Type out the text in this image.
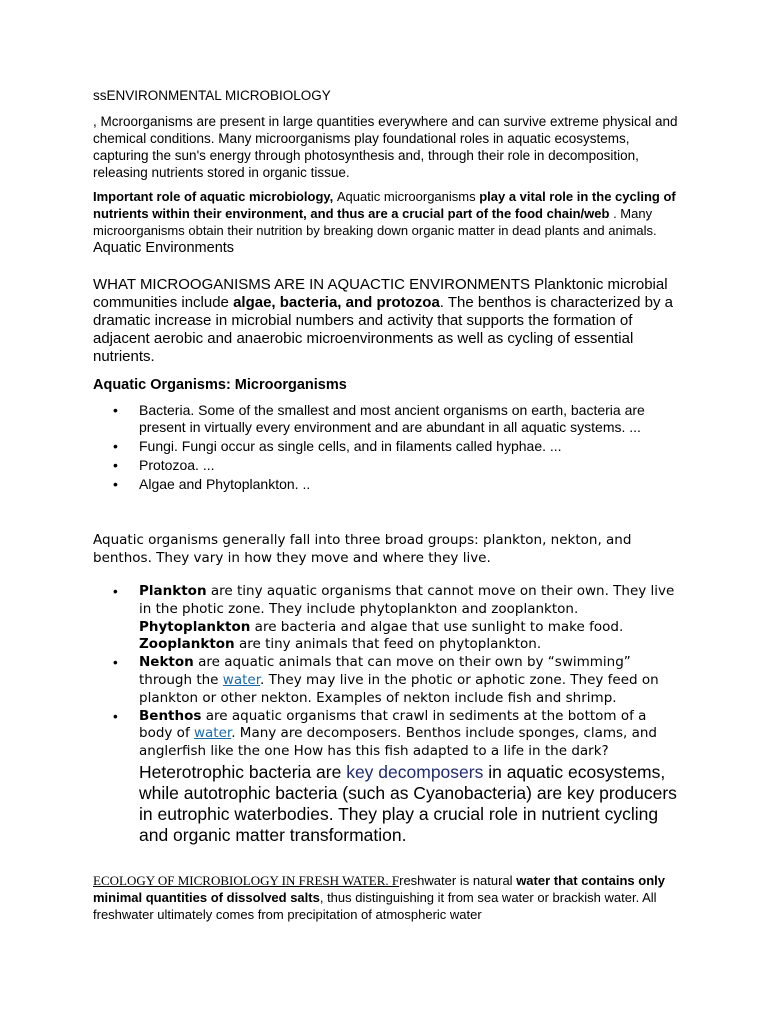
ssENVIRONMENTAL MICROBIOLOGY
, Mcroorganisms are present in large quantities everywhere and can survive extreme physical and chemical conditions. Many microorganisms play foundational roles in aquatic ecosystems, capturing the sun's energy through photosynthesis and, through their role in decomposition, releasing nutrients stored in organic tissue.
Important role of aquatic microbiology, Aquatic microorganisms play a vital role in the cycling of nutrients within their environment, and thus are a crucial part of the food chain/web . Many microorganisms obtain their nutrition by breaking down organic matter in dead plants and animals. Aquatic Environments
WHAT MICROOGANISMS ARE IN AQUACTIC ENVIRONMENTS Planktonic microbial communities include algae, bacteria, and protozoa. The benthos is characterized by a dramatic increase in microbial numbers and activity that supports the formation of adjacent aerobic and anaerobic microenvironments as well as cycling of essential nutrients.
Aquatic Organisms: Microorganisms
• Bacteria. Some of the smallest and most ancient organisms on earth, bacteria are present in virtually every environment and are abundant in all aquatic systems. ...
• Fungi. Fungi occur as single cells, and in filaments called hyphae. ...
• Protozoa. ...
• Algae and Phytoplankton. ..
Aquatic organisms generally fall into three broad groups: plankton, nekton, and benthos. They vary in how they move and where they live.
• Plankton are tiny aquatic organisms that cannot move on their own. They live in the photic zone. They include phytoplankton and zooplankton. Phytoplankton are bacteria and algae that use sunlight to make food. Zooplankton are tiny animals that feed on phytoplankton.
• Nekton are aquatic animals that can move on their own by “swimming” through the water. They may live in the photic or aphotic zone. They feed on plankton or other nekton. Examples of nekton include fish and shrimp.
• Benthos are aquatic organisms that crawl in sediments at the bottom of a body of water. Many are decomposers. Benthos include sponges, clams, and anglerfish like the one How has this fish adapted to a life in the dark?
Heterotrophic bacteria are key decomposers in aquatic ecosystems, while autotrophic bacteria (such as Cyanobacteria) are key producers in eutrophic waterbodies. They play a crucial role in nutrient cycling and organic matter transformation.
ECOLOGY OF MICROBIOLOGY IN FRESH WATER. Freshwater is natural water that contains only minimal quantities of dissolved salts, thus distinguishing it from sea water or brackish water. All freshwater ultimately comes from precipitation of atmospheric water
